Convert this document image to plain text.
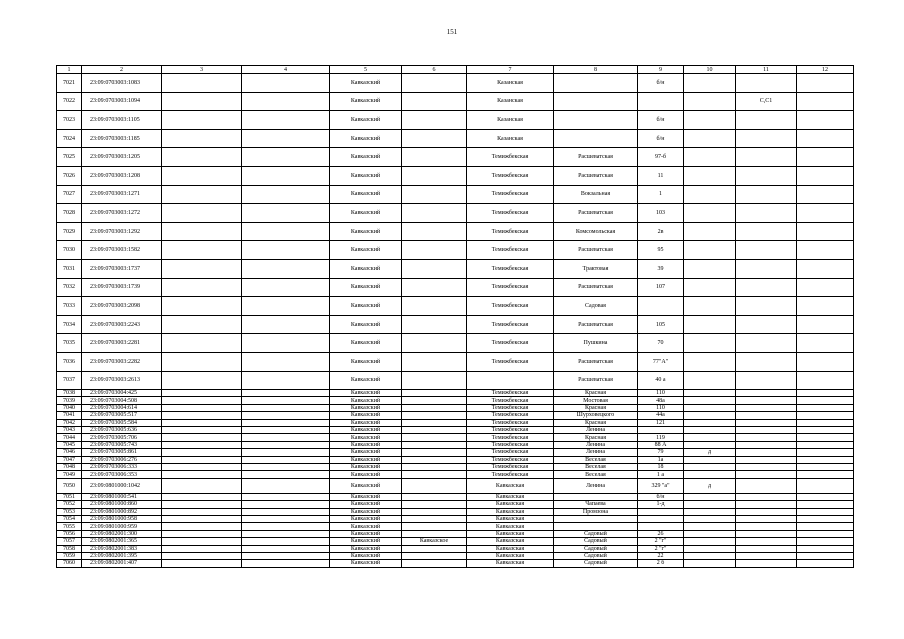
151
1	2	3	4	5	6	7	8	9	10	11	12
7021	23:09:0703003:1083			Кавказский		Казанская		б/н			
7022	23:09:0703003:1094			Кавказский		Казанская				С,С1	
7023	23:09:0703003:1105			Кавказский		Казанская		б/н			
7024	23:09:0703003:1185			Кавказский		Казанская		б/н			
7025	23:09:0703003:1205			Кавказский		Темижбекская	Расшеватская	97-б			
7026	23:09:0703003:1208			Кавказский		Темижбекская	Расшеватская	11			
7027	23:09:0703003:1271			Кавказский		Темижбекская	Вокзальная	1			
7028	23:09:0703003:1272			Кавказский		Темижбекская	Расшеватская	103			
7029	23:09:0703003:1292			Кавказский		Темижбекская	Комсомольская	2в			
7030	23:09:0703003:1582			Кавказский		Темижбекская	Расшеватская	95			
7031	23:09:0703003:1737			Кавказский		Темижбекская	Трактовая	39			
7032	23:09:0703003:1739			Кавказский		Темижбекская	Расшеватская	107			
7033	23:09:0703003:2098			Кавказский		Темижбекская	Садовая				
7034	23:09:0703003:2243			Кавказский		Темижбекская	Расшеватская	105			
7035	23:09:0703003:2281			Кавказский		Темижбекская	Пушкина	70			
7036	23:09:0703003:2282			Кавказский		Темижбекская	Расшеватская	77"А"			
7037	23:09:0703003:2613			Кавказский			Расшеватская	40 а			
7038	23:09:0703004:425			Кавказский		Темижбекская	Красная	110			
7039	23:09:0703004:508			Кавказский		Темижбекская	Мостовая	48а			
7040	23:09:0703004:614			Кавказский		Темижбекская	Красная	110			
7041	23:09:0703005:517			Кавказский		Темижбекская	Шурховецкого	44а			
7042	23:09:0703005:584			Кавказский		Темижбекская	Красная	121			
7043	23:09:0703005:636			Кавказский		Темижбекская	Ленина				
7044	23:09:0703005:706			Кавказский		Темижбекская	Красная	119			
7045	23:09:0703005:743			Кавказский		Темижбекская	Ленина	88 А			
7046	23:09:0703005:861			Кавказский		Темижбекская	Ленина	79	д		
7047	23:09:0703006:276			Кавказский		Темижбекская	Веселая	1а			
7048	23:09:0703006:333			Кавказский		Темижбекская	Веселая	18			
7049	23:09:0703006:353			Кавказский		Темижбекская	Веселая	1 а			
7050	23:09:0801000:1042			Кавказский		Кавказская	Ленина	329 "а"	д		
7051	23:09:0801000:541			Кавказский		Кавказская		б/н			
7052	23:09:0801000:860			Кавказский		Кавказская	Чапаева	1-д			
7053	23:09:0801000:892			Кавказский		Кавказская	Промзона				
7054	23:09:0801000:958			Кавказский		Кавказская					
7055	23:09:0801000:959			Кавказский		Кавказская					
7056	23:09:0802001:300			Кавказский		Кавказская	Садовый	26			
7057	23:09:0802001:365			Кавказский	Кавказское	Кавказская	Садовый	2 "г"			
7058	23:09:0802001:383			Кавказский		Кавказская	Садовый	2 "г"			
7059	23:09:0802001:395			Кавказский		Кавказская	Садовый	22			
7060	23:09:0802001:407			Кавказский		Кавказская	Садовый	2 б			
